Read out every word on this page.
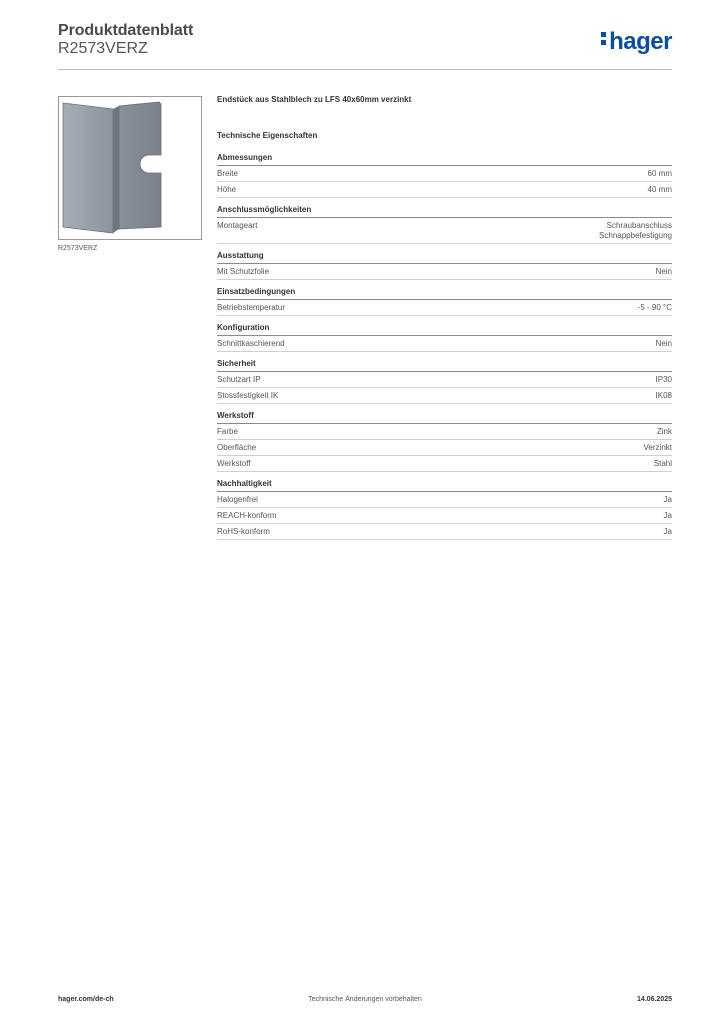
Produktdatenblatt
R2573VERZ	hager
R2573VERZ
Endstück aus Stahlblech zu LFS 40x60mm verzinkt
Technische Eigenschaften
Abmessungen
Breite	60 mm
Höhe	40 mm
Anschlussmöglichkeiten
Montageart	Schraubanschluss
Schnappbefestigung
Ausstattung
Mit Schutzfolie	Nein
Einsatzbedingungen
Betriebstemperatur	-5 - 90 °C
Konfiguration
Schnittkaschierend	Nein
Sicherheit
Schutzart IP	IP30
Stossfestigkeit IK	IK08
Werkstoff
Farbe	Zink
Oberfläche	Verzinkt
Werkstoff	Stahl
Nachhaltigkeit
Halogenfrei	Ja
REACH-konform	Ja
RoHS-konform	Ja
Technische Änderungen vorbehalten
hager.com/de-ch	14.06.2025
